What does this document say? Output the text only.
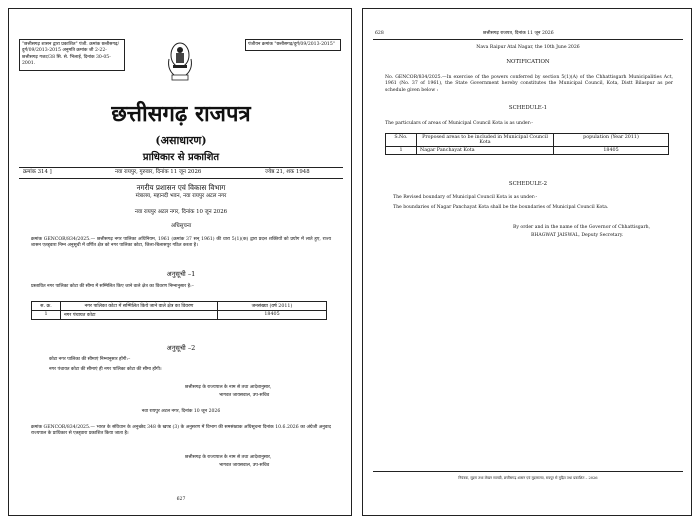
"छत्तीसगढ़ शासन द्वारा प्रकाशित" पंजी. क्रमांक छत्तीसगढ़/दुर्ग/09/2013-2015 अनुमति क्रमांक जी 2-22-छत्तीसगढ़ गजट/38 सि. से. भिलाई, दिनांक 30-05-2001.
पंजीयन क्रमांक "छत्तीसगढ़/दुर्ग/09/2013-2015"
छत्तीसगढ़ राजपत्र
(असाधारण)
प्राधिकार से प्रकाशित
क्रमांक 314 ]	नवा रायपुर, गुरुवार, दिनांक 11 जून 2026	ज्येष्ठ 21, शक 1948
नगरीय प्रशासन एवं विकास विभाग
मंत्रालय, महानदी भवन, नवा रायपुर अटल नगर
नवा रायपुर अटल नगर, दिनांक 10 जून 2026
अधिसूचना
क्रमांक GENCOR/834/2025.— छत्तीसगढ़ नगर पालिका अधिनियम, 1961 (क्रमांक 37 सन् 1961) की धारा 5(1)(क) द्वारा प्रदत्त शक्तियों को प्रयोग में लाते हुए, राज्य शासन एतद्द्वारा निम्न अनुसूची में वर्णित क्षेत्र को नगर पालिका कोटा, जिला-बिलासपुर गठित करता है।
अनुसूची –1
प्रस्तावित नगर पालिका कोटा की सीमा में सम्मिलित किए जाने वाले क्षेत्र का विवरण निम्नानुसार है:–
स. क्र.	नगर पालिका कोटा में सम्मिलित किये जाने वाले क्षेत्र का विवरण	जनसंख्या (वर्ष 2011)
1	नगर पंचायत कोटा	18405
अनुसूची –2
कोटा नगर पालिका की सीमाएं निम्नानुसार होंगी:–
नगर पंचायत कोटा की सीमाएं ही नगर पालिका कोटा की सीमा होंगी।
छत्तीसगढ़ के राज्यपाल के नाम से तथा आदेशानुसार,
भागवत जायसवाल, उप-सचिव
नवा रायपुर अटल नगर, दिनांक 10 जून 2026
क्रमांक GENCOR/834/2025.— भारत के संविधान के अनुच्छेद 348 के खण्ड (3) के अनुसरण में विभाग की समसंख्यक अधिसूचना दिनांक 10.6.2026 का अंग्रेजी अनुवाद राज्यपाल के प्राधिकार से एतद्द्वारा प्रकाशित किया जाता है।
छत्तीसगढ़ के राज्यपाल के नाम से तथा आदेशानुसार,
भागवत जायसवाल, उप-सचिव
627
628	छत्तीसगढ़ राजपत्र, दिनांक 11 जून 2026
Nava Raipur Atal Nagar, the 10th June 2026
NOTIFICATION
No. GENCOR/834/2025.—In exercise of the powers conferred by section 5(1)(A) of the Chhattisgarh Municipalities Act, 1961 (No. 37 of 1961), the State Government hereby constitutes the Municipal Council, Kota, Distt Bilaspur as per schedule given below :
SCHEDULE-1
The particulars of areas of Municipal Council Kota is as under:-
S.No.	Proposed areas to be included in Municipal Council Kota	population (Year 2011)
1	Nagar Panchayat Kota	18405
SCHEDULE-2
The Revised boundary of Municipal Council Kota is as under:-
The boundaries of Nagar Panchayat Kota shall be the boundaries of Municipal Council Kota.
By order and in the name of the Governor of Chhattisgarh,
BHAGWAT JAISWAL, Deputy Secretary.
नियंत्रक, मुद्रण तथा लेखन सामग्री, छत्तीसगढ़ शासन एवं मुद्रणालय, रायपुर से मुद्रित तथा प्रकाशित – 2026
